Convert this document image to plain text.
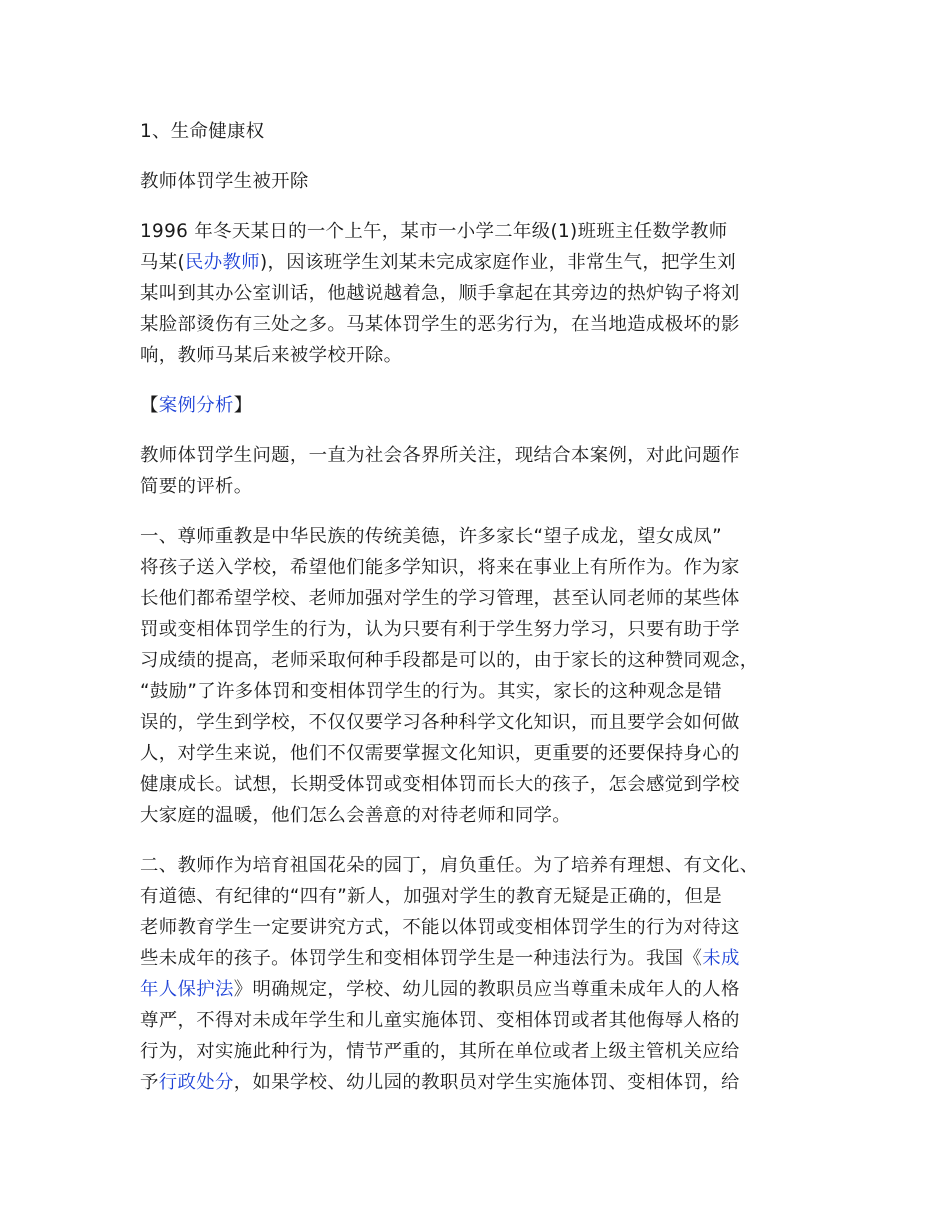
1、生命健康权

教师体罚学生被开除

1996 年冬天某日的一个上午，某市一小学二年级(1)班班主任数学教师
马某(民办教师)，因该班学生刘某未完成家庭作业，非常生气，把学生刘
某叫到其办公室训话，他越说越着急，顺手拿起在其旁边的热炉钩子将刘
某脸部烫伤有三处之多。马某体罚学生的恶劣行为，在当地造成极坏的影
响，教师马某后来被学校开除。

【案例分析】

教师体罚学生问题，一直为社会各界所关注，现结合本案例，对此问题作
简要的评析。

一、尊师重教是中华民族的传统美德，许多家长“望子成龙，望女成凤”
将孩子送入学校，希望他们能多学知识，将来在事业上有所作为。作为家
长他们都希望学校、老师加强对学生的学习管理，甚至认同老师的某些体
罚或变相体罚学生的行为，认为只要有利于学生努力学习，只要有助于学
习成绩的提高，老师采取何种手段都是可以的，由于家长的这种赞同观念，
“鼓励”了许多体罚和变相体罚学生的行为。其实，家长的这种观念是错
误的，学生到学校，不仅仅要学习各种科学文化知识，而且要学会如何做
人，对学生来说，他们不仅需要掌握文化知识，更重要的还要保持身心的
健康成长。试想，长期受体罚或变相体罚而长大的孩子，怎会感觉到学校
大家庭的温暖，他们怎么会善意的对待老师和同学。

二、教师作为培育祖国花朵的园丁，肩负重任。为了培养有理想、有文化、
有道德、有纪律的“四有”新人，加强对学生的教育无疑是正确的，但是
老师教育学生一定要讲究方式，不能以体罚或变相体罚学生的行为对待这
些未成年的孩子。体罚学生和变相体罚学生是一种违法行为。我国《未成
年人保护法》明确规定，学校、幼儿园的教职员应当尊重未成年人的人格
尊严，不得对未成年学生和儿童实施体罚、变相体罚或者其他侮辱人格的
行为，对实施此种行为，情节严重的，其所在单位或者上级主管机关应给
予行政处分，如果学校、幼儿园的教职员对学生实施体罚、变相体罚，给
